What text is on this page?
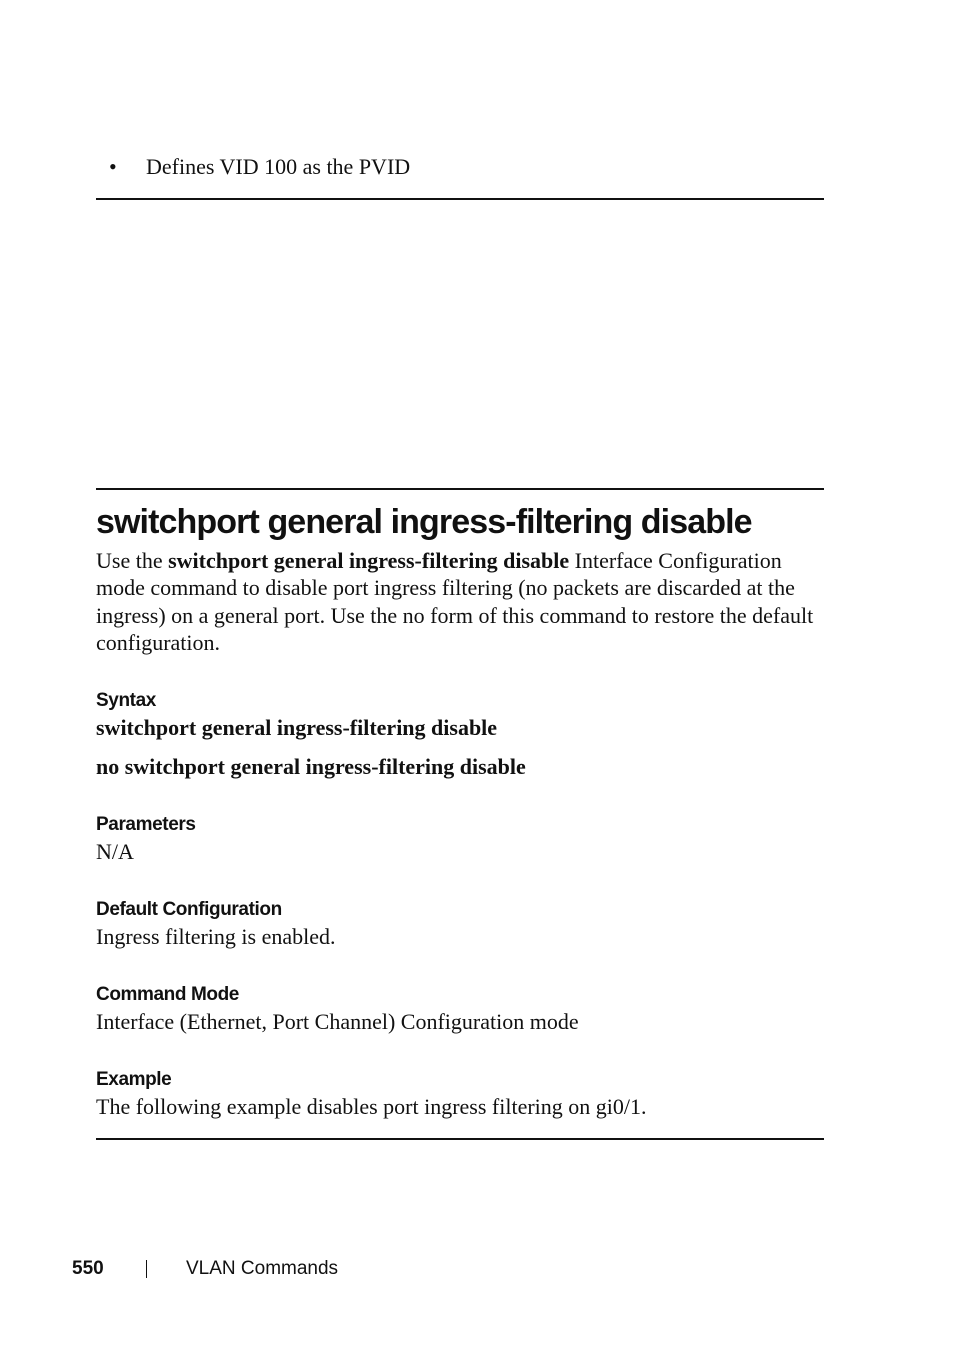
• Defines VID 100 as the PVID
switchport general ingress-filtering disable

Use the switchport general ingress-filtering disable Interface Configuration mode command to disable port ingress filtering (no packets are discarded at the ingress) on a general port. Use the no form of this command to restore the default configuration.

Syntax

switchport general ingress-filtering disable

no switchport general ingress-filtering disable

Parameters

N/A

Default Configuration

Ingress filtering is enabled.

Command Mode

Interface (Ethernet, Port Channel) Configuration mode

Example

The following example disables port ingress filtering on gi0/1.

550	VLAN Commands
